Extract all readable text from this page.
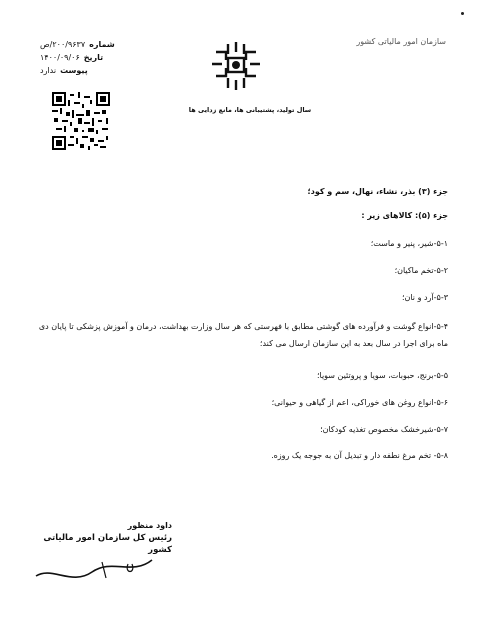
شماره
۲۰۰/۹۶۳۷/ص
تاریخ
۱۴۰۰/۰۹/۰۶
پیوست
ندارد
سال تولید، پشتیبانی ها، مانع زدایی ها
سازمان امور مالیاتی کشور
جزء (۳) بذر، نشاء، نهال، سم و کود؛
جزء (۵): کالاهای زیر :
۵-۱-شیر، پنیر و ماست؛
۵-۲-تخم ماکیان؛
۵-۳-آرد و نان؛
۵-۴-انواع گوشت و فرآورده های گوشتی مطابق با فهرستی که هر سال وزارت بهداشت، درمان و آموزش پزشکی تا پایان دی ماه برای اجرا در سال بعد به این سازمان ارسال می کند؛
۵-۵-برنج، حبوبات، سویا و پروتئین سویا؛
۵-۶-انواع روغن های خوراکی، اعم از گیاهی و حیوانی؛
۵-۷-شیرخشک مخصوص تغذیه کودکان؛
۵-۸- تخم مرغ نطفه دار و تبدیل آن به جوجه یک روزه.
داود منظور
رئیس کل سازمان امور مالیاتی کشور
